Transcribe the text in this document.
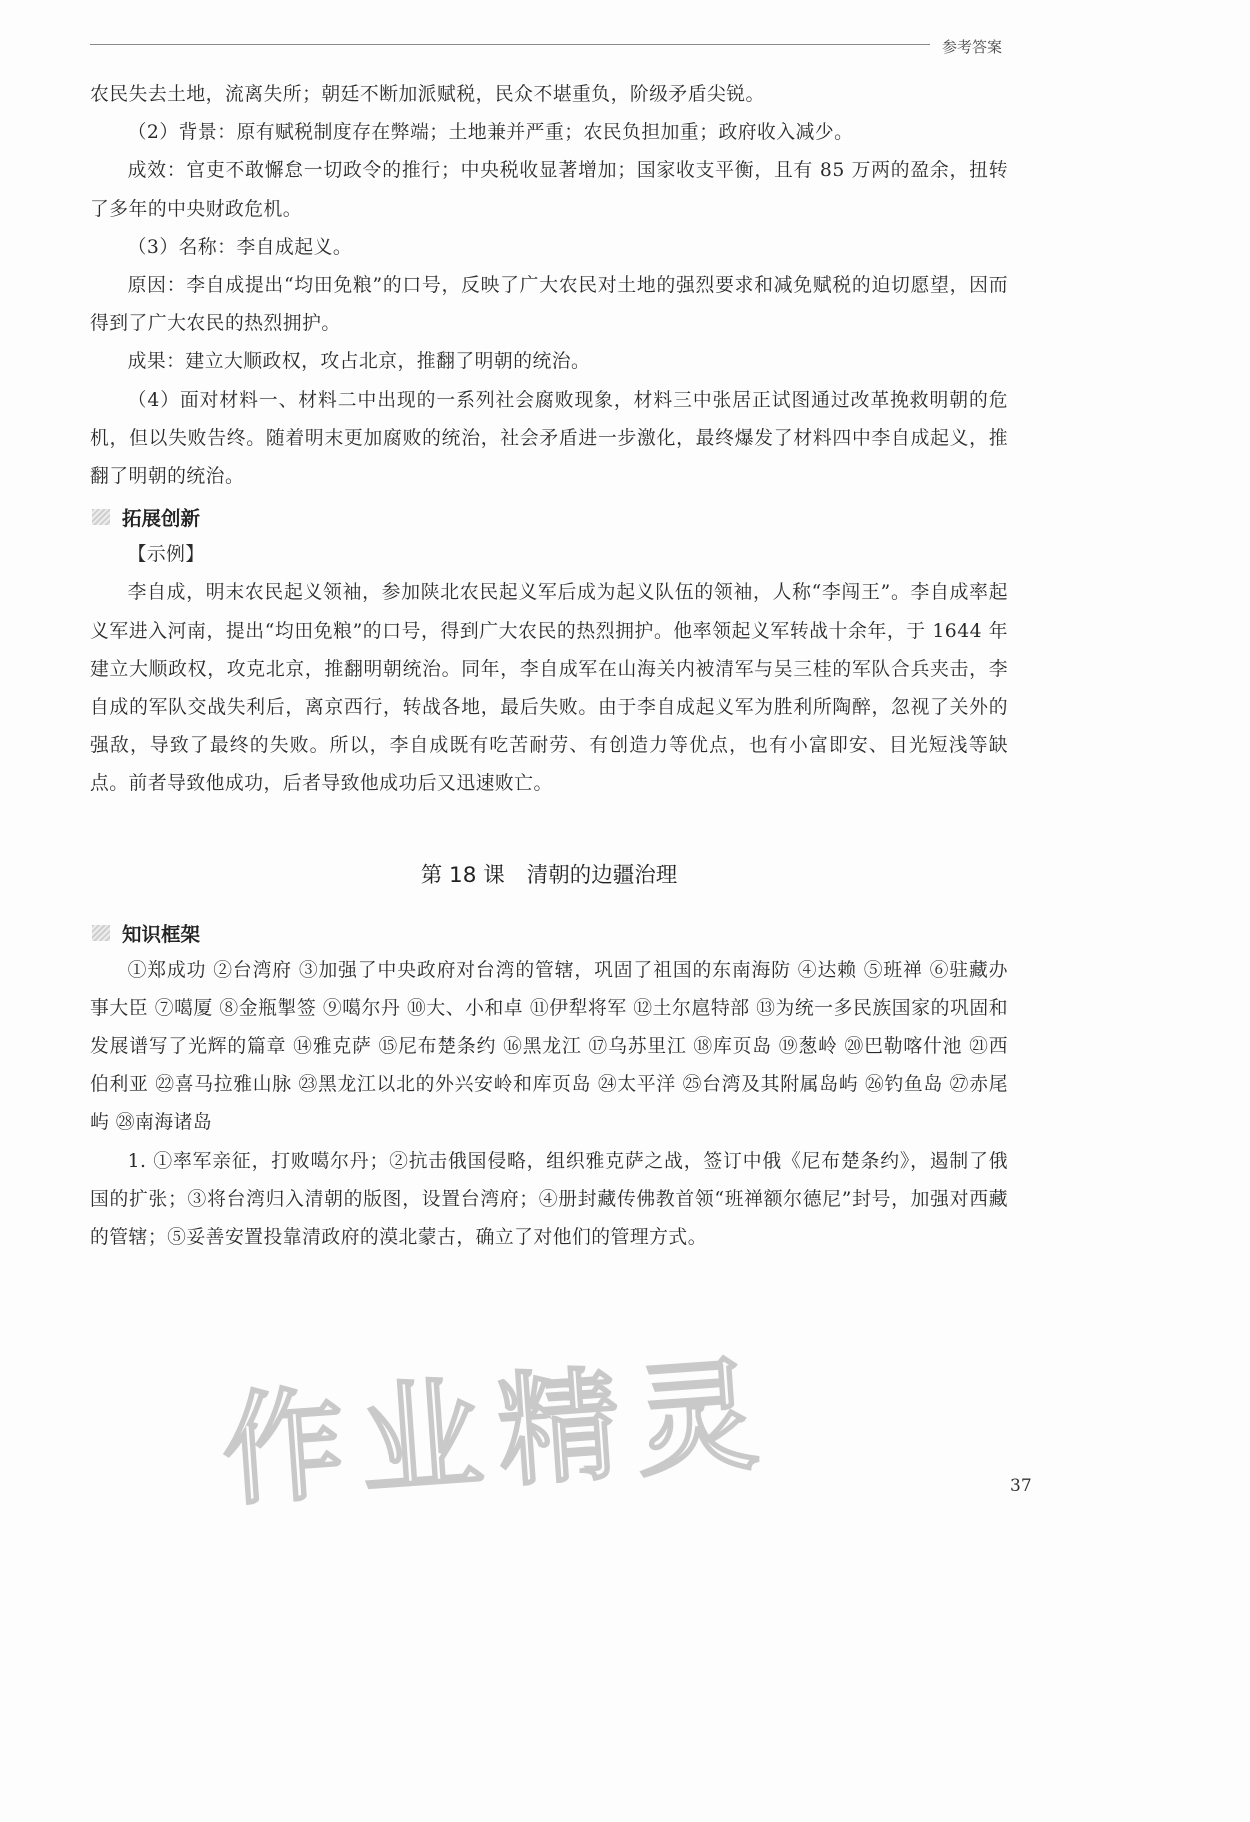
参考答案

农民失去土地，流离失所；朝廷不断加派赋税，民众不堪重负，阶级矛盾尖锐。

（2）背景：原有赋税制度存在弊端；土地兼并严重；农民负担加重；政府收入减少。

成效：官吏不敢懈怠一切政令的推行；中央税收显著增加；国家收支平衡，且有 85 万两的盈余，扭转了多年的中央财政危机。

（3）名称：李自成起义。

原因：李自成提出“均田免粮”的口号，反映了广大农民对土地的强烈要求和减免赋税的迫切愿望，因而得到了广大农民的热烈拥护。

成果：建立大顺政权，攻占北京，推翻了明朝的统治。

（4）面对材料一、材料二中出现的一系列社会腐败现象，材料三中张居正试图通过改革挽救明朝的危机，但以失败告终。随着明末更加腐败的统治，社会矛盾进一步激化，最终爆发了材料四中李自成起义，推翻了明朝的统治。

拓展创新

【示例】

李自成，明末农民起义领袖，参加陕北农民起义军后成为起义队伍的领袖，人称“李闯王”。李自成率起义军进入河南，提出“均田免粮”的口号，得到广大农民的热烈拥护。他率领起义军转战十余年，于 1644 年建立大顺政权，攻克北京，推翻明朝统治。同年，李自成军在山海关内被清军与吴三桂的军队合兵夹击，李自成的军队交战失利后，离京西行，转战各地，最后失败。由于李自成起义军为胜利所陶醉，忽视了关外的强敌，导致了最终的失败。所以，李自成既有吃苦耐劳、有创造力等优点，也有小富即安、目光短浅等缺点。前者导致他成功，后者导致他成功后又迅速败亡。

第 18 课 清朝的边疆治理
知识框架

①郑成功 ②台湾府 ③加强了中央政府对台湾的管辖，巩固了祖国的东南海防 ④达赖 ⑤班禅 ⑥驻藏办事大臣 ⑦噶厦 ⑧金瓶掣签 ⑨噶尔丹 ⑩大、小和卓 ⑪伊犁将军 ⑫土尔扈特部 ⑬为统一多民族国家的巩固和发展谱写了光辉的篇章 ⑭雅克萨 ⑮尼布楚条约 ⑯黑龙江 ⑰乌苏里江 ⑱库页岛 ⑲葱岭 ⑳巴勒喀什池 ㉑西伯利亚 ㉒喜马拉雅山脉 ㉓黑龙江以北的外兴安岭和库页岛 ㉔太平洋 ㉕台湾及其附属岛屿 ㉖钓鱼岛 ㉗赤尾屿 ㉘南海诸岛

1. ①率军亲征，打败噶尔丹；②抗击俄国侵略，组织雅克萨之战，签订中俄《尼布楚条约》，遏制了俄国的扩张；③将台湾归入清朝的版图，设置台湾府；④册封藏传佛教首领“班禅额尔德尼”封号，加强对西藏的管辖；⑤妥善安置投靠清政府的漠北蒙古，确立了对他们的管理方式。

作业精灵	37
